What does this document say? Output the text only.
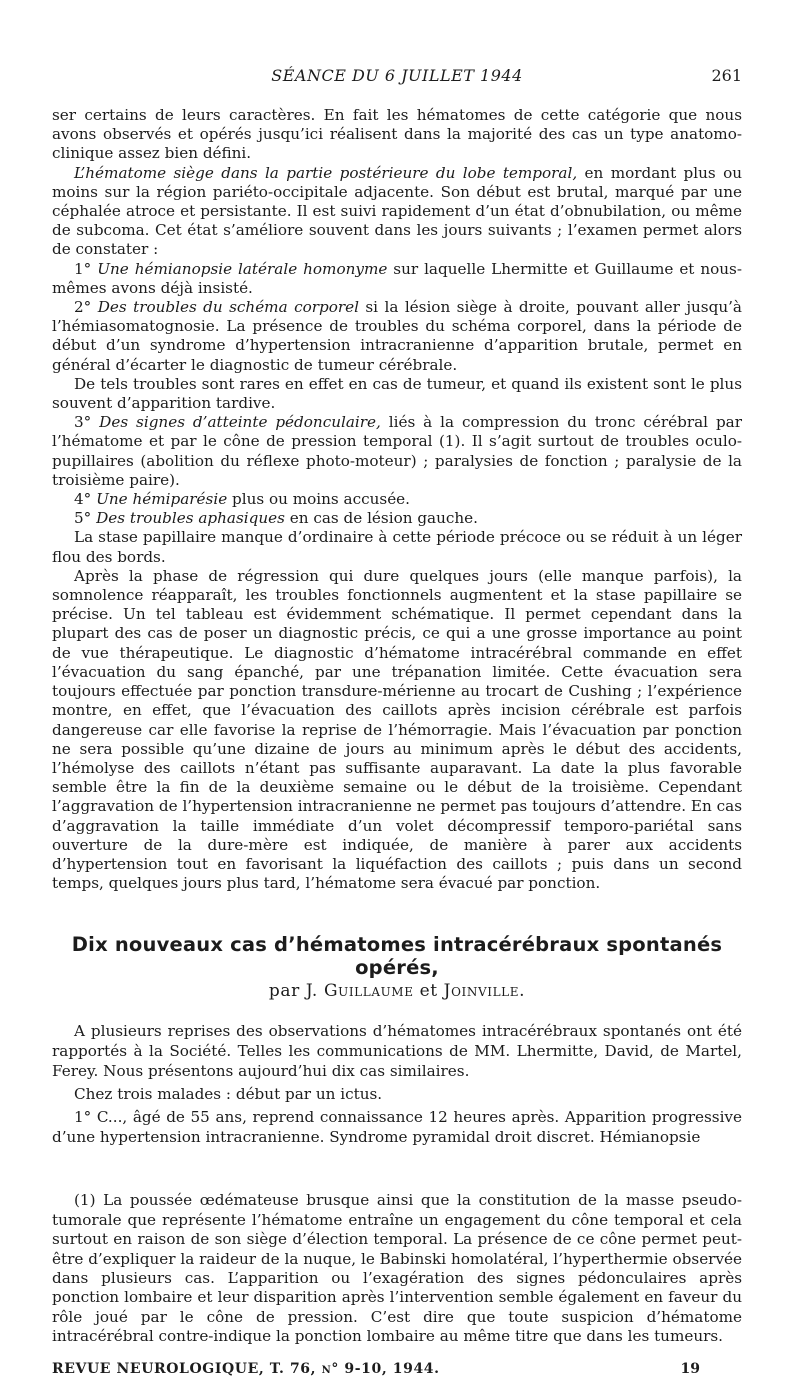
SÉANCE DU 6 JUILLET 1944	261

ser certains de leurs caractères. En fait les hématomes de cette catégorie que nous avons observés et opérés jusqu’ici réalisent dans la majorité des cas un type anatomo-clinique assez bien défini.

L’hématome siège dans la partie postérieure du lobe temporal, en mordant plus ou moins sur la région pariéto-occipitale adjacente. Son début est brutal, marqué par une céphalée atroce et persistante. Il est suivi rapidement d’un état d’obnubilation, ou même de subcoma. Cet état s’améliore souvent dans les jours suivants ; l’examen permet alors de constater :

1° Une hémianopsie latérale homonyme sur laquelle Lhermitte et Guillaume et nous-mêmes avons déjà insisté.

2° Des troubles du schéma corporel si la lésion siège à droite, pouvant aller jusqu’à l’hémiasomatognosie. La présence de troubles du schéma corporel, dans la période de début d’un syndrome d’hypertension intracranienne d’apparition brutale, permet en général d’écarter le diagnostic de tumeur cérébrale.

De tels troubles sont rares en effet en cas de tumeur, et quand ils existent sont le plus souvent d’apparition tardive.

3° Des signes d’atteinte pédonculaire, liés à la compression du tronc cérébral par l’hématome et par le cône de pression temporal (1). Il s’agit surtout de troubles oculo-pupillaires (abolition du réflexe photo-moteur) ; paralysies de fonction ; paralysie de la troisième paire).

4° Une hémiparésie plus ou moins accusée.

5° Des troubles aphasiques en cas de lésion gauche.

La stase papillaire manque d’ordinaire à cette période précoce ou se réduit à un léger flou des bords.

Après la phase de régression qui dure quelques jours (elle manque parfois), la somnolence réapparaît, les troubles fonctionnels augmentent et la stase papillaire se précise. Un tel tableau est évidemment schématique. Il permet cependant dans la plupart des cas de poser un diagnostic précis, ce qui a une grosse importance au point de vue thérapeutique. Le diagnostic d’hématome intracérébral commande en effet l’évacuation du sang épanché, par une trépanation limitée. Cette évacuation sera toujours effectuée par ponction transdure-mérienne au trocart de Cushing ; l’expérience montre, en effet, que l’évacuation des caillots après incision cérébrale est parfois dangereuse car elle favorise la reprise de l’hémorragie. Mais l’évacuation par ponction ne sera possible qu’une dizaine de jours au minimum après le début des accidents, l’hémolyse des caillots n’étant pas suffisante auparavant. La date la plus favorable semble être la fin de la deuxième semaine ou le début de la troisième. Cependant l’aggravation de l’hypertension intracranienne ne permet pas toujours d’attendre. En cas d’aggravation la taille immédiate d’un volet décompressif temporo-pariétal sans ouverture de la dure-mère est indiquée, de manière à parer aux accidents d’hypertension tout en favorisant la liquéfaction des caillots ; puis dans un second temps, quelques jours plus tard, l’hématome sera évacué par ponction.

Dix nouveaux cas d’hématomes intracérébraux spontanés opérés,
par J. Guillaume et Joinville.

A plusieurs reprises des observations d’hématomes intracérébraux spontanés ont été rapportés à la Société. Telles les communications de MM. Lhermitte, David, de Martel, Ferey. Nous présentons aujourd’hui dix cas similaires.

Chez trois malades : début par un ictus.

1° C..., âgé de 55 ans, reprend connaissance 12 heures après. Apparition progressive d’une hypertension intracranienne. Syndrome pyramidal droit discret. Hémianopsie

(1) La poussée œdémateuse brusque ainsi que la constitution de la masse pseudo-tumorale que représente l’hématome entraîne un engagement du cône temporal et cela surtout en raison de son siège d’élection temporal. La présence de ce cône permet peut-être d’expliquer la raideur de la nuque, le Babinski homolatéral, l’hyperthermie observée dans plusieurs cas. L’apparition ou l’exagération des signes pédonculaires après ponction lombaire et leur disparition après l’intervention semble également en faveur du rôle joué par le cône de pression. C’est dire que toute suspicion d’hématome intracérébral contre-indique la ponction lombaire au même titre que dans les tumeurs.

REVUE NEUROLOGIQUE, T. 76, n° 9-10, 1944.	19
